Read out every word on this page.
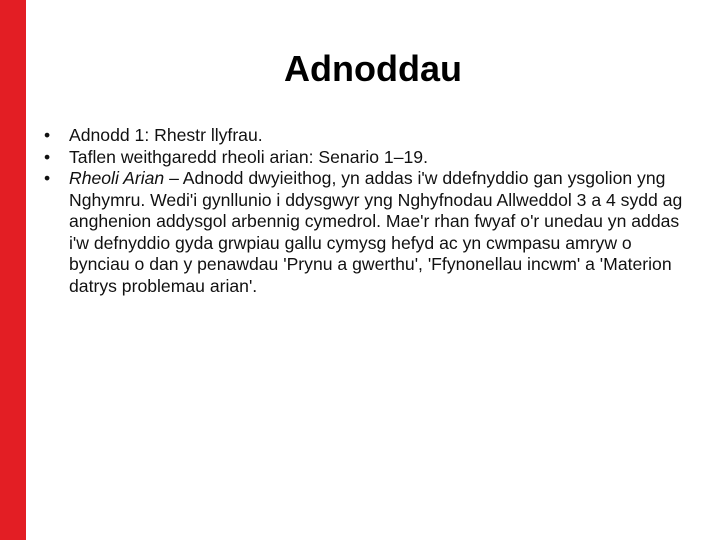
Adnoddau
•	Adnodd 1: Rhestr llyfrau.
•	Taflen weithgaredd rheoli arian: Senario 1–19.
•	Rheoli Arian – Adnodd dwyieithog, yn addas i'w ddefnyddio gan ysgolion yng Nghymru. Wedi'i gynllunio i ddysgwyr yng Nghyfnodau Allweddol 3 a 4 sydd ag anghenion addysgol arbennig cymedrol. Mae'r rhan fwyaf o'r unedau yn addas i'w defnyddio gyda grwpiau gallu cymysg hefyd ac yn cwmpasu amryw o bynciau o dan y penawdau 'Prynu a gwerthu', 'Ffynonellau incwm' a 'Materion datrys problemau arian'.
